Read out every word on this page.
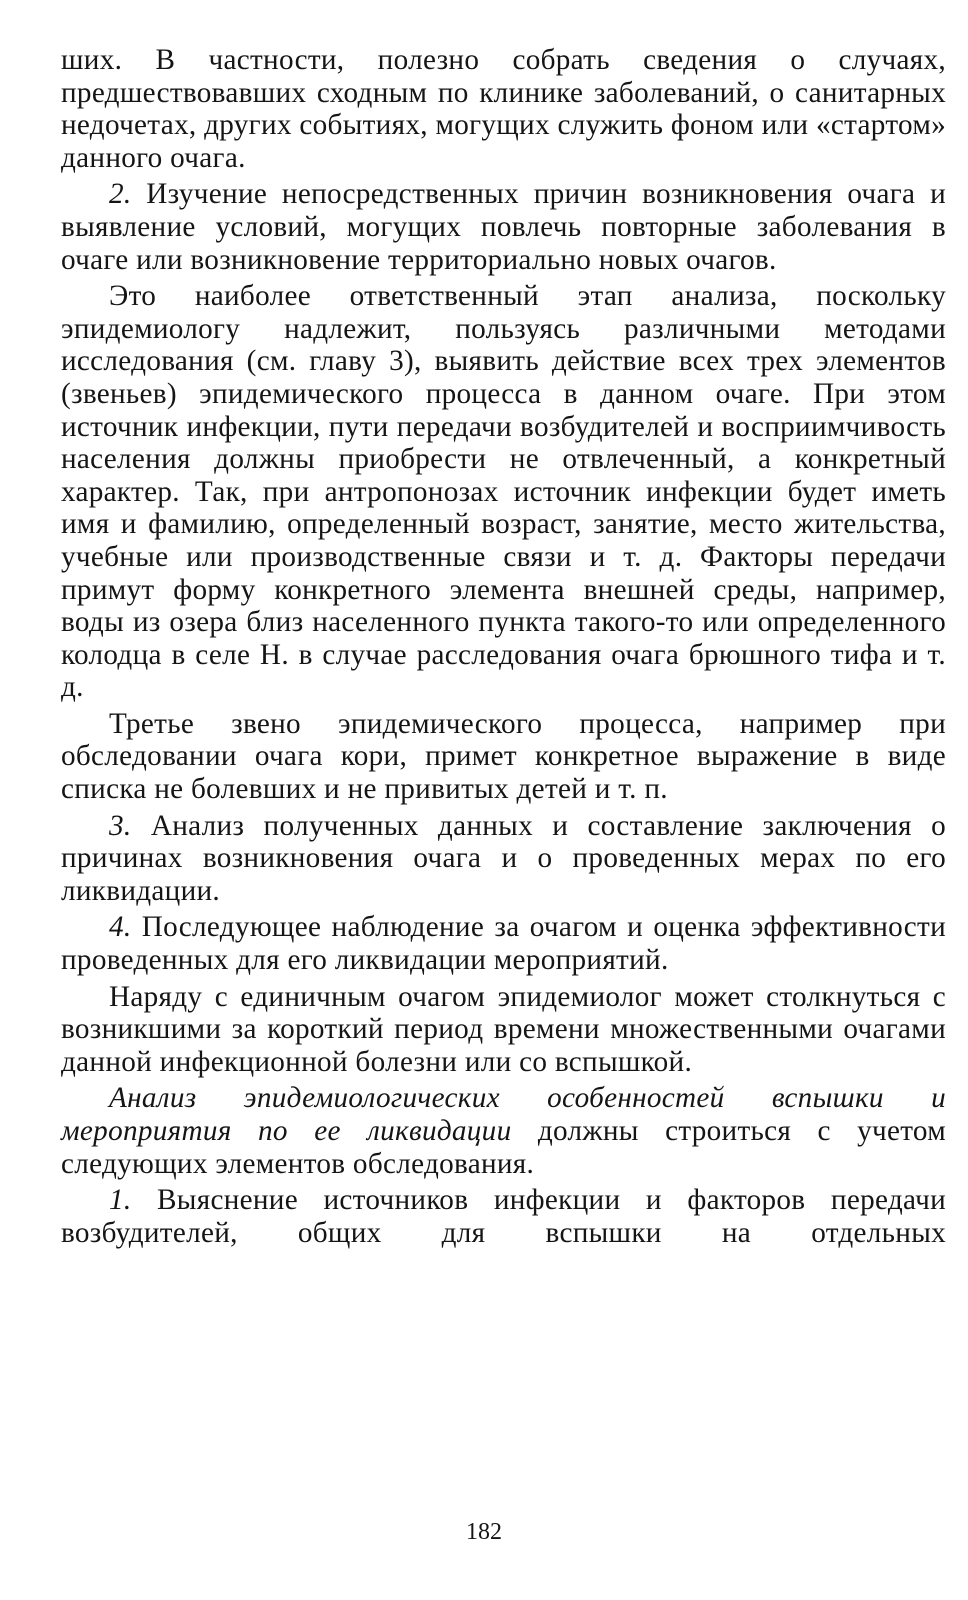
ших. В частности, полезно собрать сведения о случаях, предшествовавших сходным по клинике заболеваний, о санитарных недочетах, других событиях, могущих служить фоном или «стартом» данного очага.

2. Изучение непосредственных причин возникновения очага и выявление условий, могущих повлечь повторные заболевания в очаге или возникновение территориально новых очагов.

Это наиболее ответственный этап анализа, поскольку эпидемиологу надлежит, пользуясь различными методами исследования (см. главу 3), выявить действие всех трех элементов (звеньев) эпидемического процесса в данном очаге. При этом источник инфекции, пути передачи возбудителей и восприимчивость населения должны приобрести не отвлеченный, а конкретный характер. Так, при антропонозах источник инфекции будет иметь имя и фамилию, определенный возраст, занятие, место жительства, учебные или производственные связи и т. д. Факторы передачи примут форму конкретного элемента внешней среды, например, воды из озера близ населенного пункта такого-то или определенного колодца в селе Н. в случае расследования очага брюшного тифа и т. д.

Третье звено эпидемического процесса, например при обследовании очага кори, примет конкретное выражение в виде списка не болевших и не привитых детей и т. п.

3. Анализ полученных данных и составление заключения о причинах возникновения очага и о проведенных мерах по его ликвидации.

4. Последующее наблюдение за очагом и оценка эффективности проведенных для его ликвидации мероприятий.

Наряду с единичным очагом эпидемиолог может столкнуться с возникшими за короткий период времени множественными очагами данной инфекционной болезни или со вспышкой.

Анализ эпидемиологических особенностей вспышки и мероприятия по ее ликвидации должны строиться с учетом следующих элементов обследования.

1. Выяснение источников инфекции и факторов передачи возбудителей, общих для вспышки на отдельных

182
